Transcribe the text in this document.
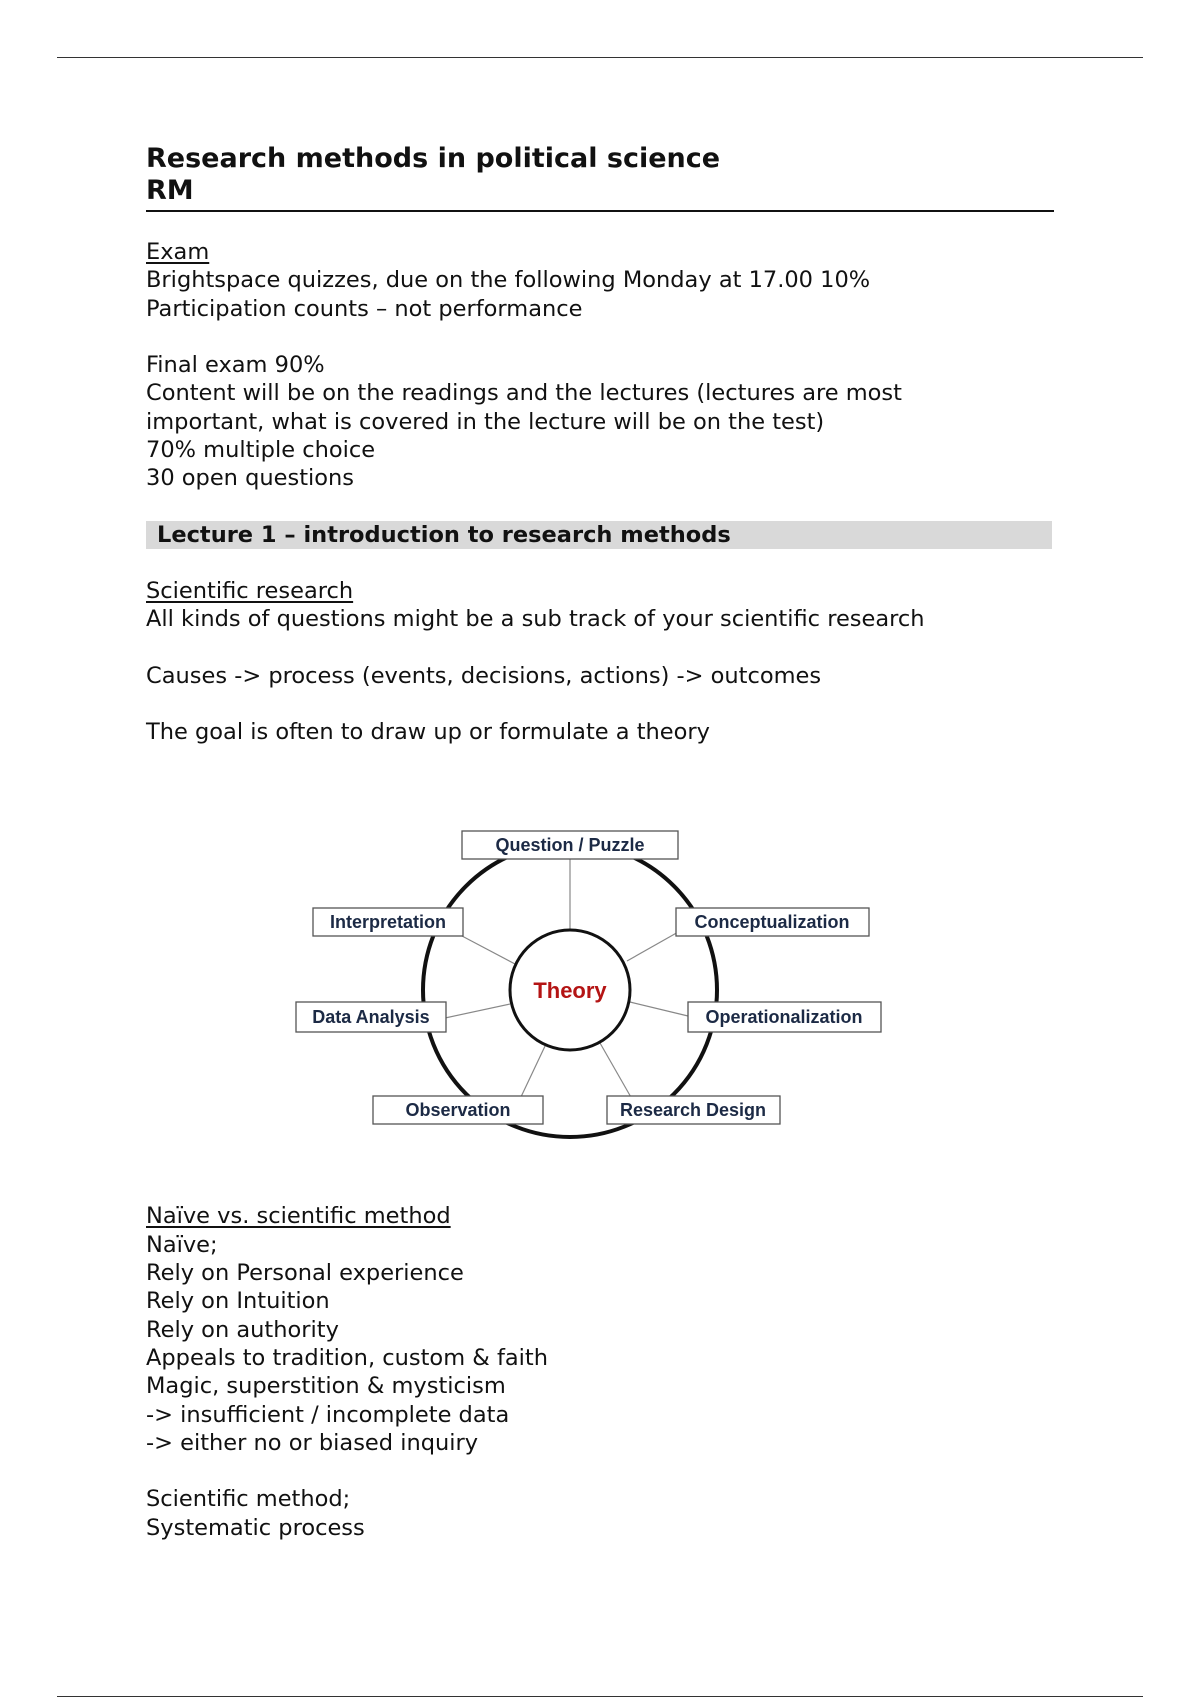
Research methods in political science
RM
Exam
Brightspace quizzes, due on the following Monday at 17.00 10%
Participation counts – not performance
Final exam 90%
Content will be on the readings and the lectures (lectures are most
important, what is covered in the lecture will be on the test)
70% multiple choice
30 open questions
Lecture 1 – introduction to research methods
Scientific research
All kinds of questions might be a sub track of your scientific research
Causes -> process (events, decisions, actions) -> outcomes
The goal is often to draw up or formulate a theory
Theory
Question / Puzzle
Conceptualization
Operationalization
Research Design
Observation
Data Analysis
Interpretation
Naïve vs. scientific method
Naïve;
Rely on Personal experience
Rely on Intuition
Rely on authority
Appeals to tradition, custom & faith
Magic, superstition & mysticism
-> insufficient / incomplete data
-> either no or biased inquiry
Scientific method;
Systematic process
